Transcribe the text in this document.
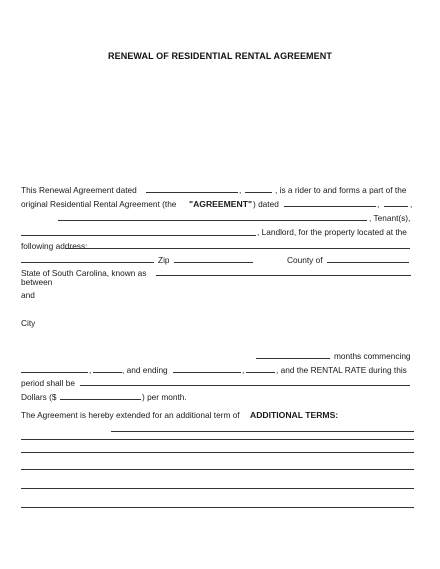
RENEWAL OF RESIDENTIAL RENTAL AGREEMENT
This Renewal Agreement dated	,	, is a rider to and forms a part of the
original Residential Rental Agreement (the "AGREEMENT" ) dated	,	,
, Tenant(s),
, Landlord, for the property located at the
following address:
Zip	County of
State of South Carolina, known as
between
and
City
months commencing
,	, and ending	,	, and the RENTAL RATE during this
period shall be
Dollars ($	) per month.
The Agreement is hereby extended for an additional term of ADDITIONAL TERMS:
